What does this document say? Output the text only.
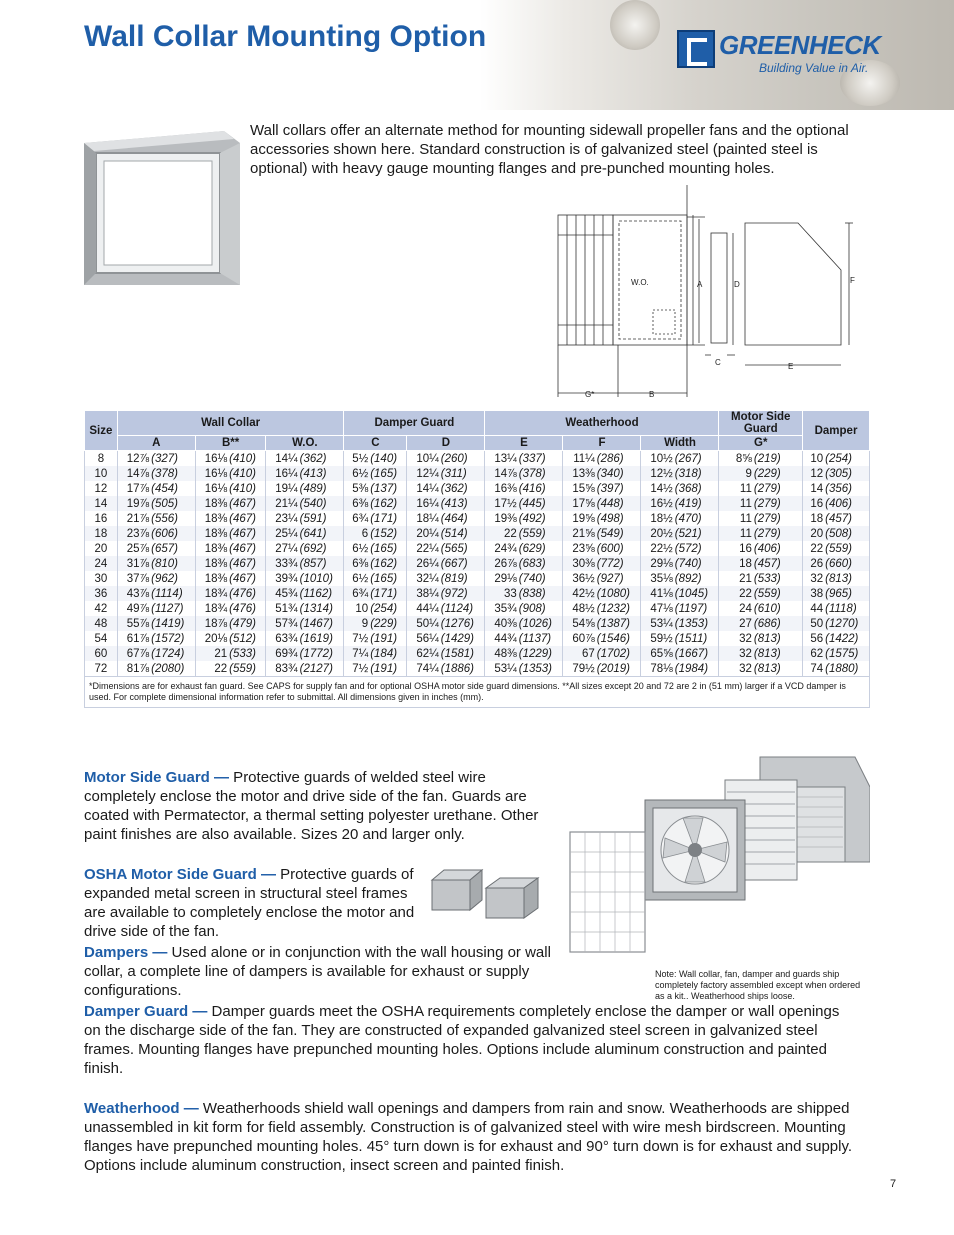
Wall Collar Mounting Option	GREENHECK
Building Value in Air.

Wall collars offer an alternate method for mounting sidewall propeller fans and the optional accessories shown here. Standard construction is of galvanized steel (painted steel is optional) with heavy gauge mounting flanges and pre-punched mounting holes.

W.O.	A	D	F
C	E
G*	B
Size	Wall Collar						Damper Guard				Weatherhood						Motor Side Guard		Damper	
	A		B**		W.O.		C		D		E		F		Width		G*			
8	12⅞	(327)	16⅛	(410)	14¼	(362)	5½	(140)	10¼	(260)	13¼	(337)	11¼	(286)	10½	(267)	8⅝	(219)	10	(254)
10	14⅞	(378)	16⅛	(410)	16¼	(413)	6½	(165)	12¼	(311)	14⅞	(378)	13⅜	(340)	12½	(318)	9	(229)	12	(305)
12	17⅞	(454)	16⅛	(410)	19¼	(489)	5⅜	(137)	14¼	(362)	16⅜	(416)	15⅝	(397)	14½	(368)	11	(279)	14	(356)
14	19⅞	(505)	18⅜	(467)	21¼	(540)	6⅜	(162)	16¼	(413)	17½	(445)	17⅝	(448)	16½	(419)	11	(279)	16	(406)
16	21⅞	(556)	18⅜	(467)	23¼	(591)	6¾	(171)	18¼	(464)	19⅜	(492)	19⅝	(498)	18½	(470)	11	(279)	18	(457)
18	23⅞	(606)	18⅜	(467)	25¼	(641)	6	(152)	20¼	(514)	22	(559)	21⅝	(549)	20½	(521)	11	(279)	20	(508)
20	25⅞	(657)	18⅜	(467)	27¼	(692)	6½	(165)	22¼	(565)	24¾	(629)	23⅝	(600)	22½	(572)	16	(406)	22	(559)
24	31⅞	(810)	18⅜	(467)	33¾	(857)	6⅜	(162)	26¼	(667)	26⅞	(683)	30⅜	(772)	29⅛	(740)	18	(457)	26	(660)
30	37⅞	(962)	18⅜	(467)	39¾	(1010)	6½	(165)	32¼	(819)	29⅛	(740)	36½	(927)	35⅛	(892)	21	(533)	32	(813)
36	43⅞	(1114)	18¾	(476)	45¾	(1162)	6¾	(171)	38¼	(972)	33	(838)	42½	(1080)	41⅛	(1045)	22	(559)	38	(965)
42	49⅞	(1127)	18¾	(476)	51¾	(1314)	10	(254)	44¼	(1124)	35¾	(908)	48½	(1232)	47⅛	(1197)	24	(610)	44	(1118)
48	55⅞	(1419)	18⅞	(479)	57¾	(1467)	9	(229)	50¼	(1276)	40⅜	(1026)	54⅝	(1387)	53¼	(1353)	27	(686)	50	(1270)
54	61⅞	(1572)	20⅛	(512)	63¾	(1619)	7½	(191)	56¼	(1429)	44¾	(1137)	60⅞	(1546)	59½	(1511)	32	(813)	56	(1422)
60	67⅞	(1724)	21	(533)	69¾	(1772)	7¼	(184)	62¼	(1581)	48⅜	(1229)	67	(1702)	65⅝	(1667)	32	(813)	62	(1575)
72	81⅞	(2080)	22	(559)	83¾	(2127)	7½	(191)	74¼	(1886)	53¼	(1353)	79½	(2019)	78⅛	(1984)	32	(813)	74	(1880)
*Dimensions are for exhaust fan guard. See CAPS for supply fan and for optional OSHA motor side guard dimensions. **All sizes except 20 and 72 are 2 in (51 mm) larger if a VCD damper is used. For complete dimensional information refer to submittal. All dimensions given in inches (mm).																				

Motor Side Guard — Protective guards of welded steel wire completely enclose the motor and drive side of the fan. Guards are coated with Permatector, a thermal setting polyester urethane. Other paint finishes are also available. Sizes 20 and larger only.

OSHA Motor Side Guard — Protective guards of expanded metal screen in structural steel frames are available to completely enclose the motor and drive side of the fan.

Dampers — Used alone or in conjunction with the wall housing or wall collar, a complete line of dampers is available for exhaust or supply configurations.

Damper Guard — Damper guards meet the OSHA requirements completely enclose the damper or wall openings on the discharge side of the fan. They are constructed of expanded galvanized steel screen in galvanized steel frames. Mounting flanges have prepunched mounting holes. Options include aluminum construction and painted finish.

Weatherhood — Weatherhoods shield wall openings and dampers from rain and snow. Weatherhoods are shipped unassembled in kit form for field assembly. Construction is of galvanized steel with wire mesh birdscreen. Mounting flanges have prepunched mounting holes. 45° turn down is for exhaust and 90° turn down is for exhaust and supply. Options include aluminum construction, insect screen and painted finish.

Note: Wall collar, fan, damper and guards ship completely factory assembled except when ordered as a kit.. Weatherhood ships loose.

7
